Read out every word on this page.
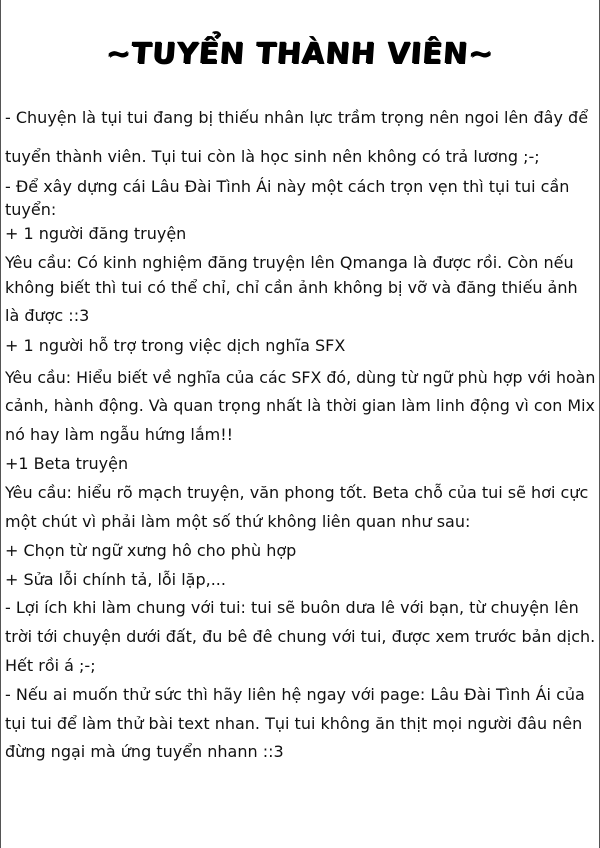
~TUYỂN THÀNH VIÊN~
- Chuyện là tụi tui đang bị thiếu nhân lực trầm trọng nên ngoi lên đây để
tuyển thành viên. Tụi tui còn là học sinh nên không có trả lương ;-;
- Để xây dựng cái Lâu Đài Tình Ái này một cách trọn vẹn thì tụi tui cần
tuyển:
+ 1 người đăng truyện
Yêu cầu: Có kinh nghiệm đăng truyện lên Qmanga là được rồi. Còn nếu
không biết thì tui có thể chỉ, chỉ cần ảnh không bị vỡ và đăng thiếu ảnh
là được ::3
+ 1 người hỗ trợ trong việc dịch nghĩa SFX
Yêu cầu: Hiểu biết về nghĩa của các SFX đó, dùng từ ngữ phù hợp với hoàn
cảnh, hành động. Và quan trọng nhất là thời gian làm linh động vì con Mix
nó hay làm ngẫu hứng lắm!!
+1 Beta truyện
Yêu cầu: hiểu rõ mạch truyện, văn phong tốt. Beta chỗ của tui sẽ hơi cực
một chút vì phải làm một số thứ không liên quan như sau:
+ Chọn từ ngữ xưng hô cho phù hợp
+ Sửa lỗi chính tả, lỗi lặp,...
- Lợi ích khi làm chung với tui: tui sẽ buôn dưa lê với bạn, từ chuyện lên
trời tới chuyện dưới đất, đu bê đê chung với tui, được xem trước bản dịch.
Hết rồi á ;-;
- Nếu ai muốn thử sức thì hãy liên hệ ngay với page: Lâu Đài Tình Ái của
tụi tui để làm thử bài text nhan. Tụi tui không ăn thịt mọi người đâu nên
đừng ngại mà ứng tuyển nhann ::3
